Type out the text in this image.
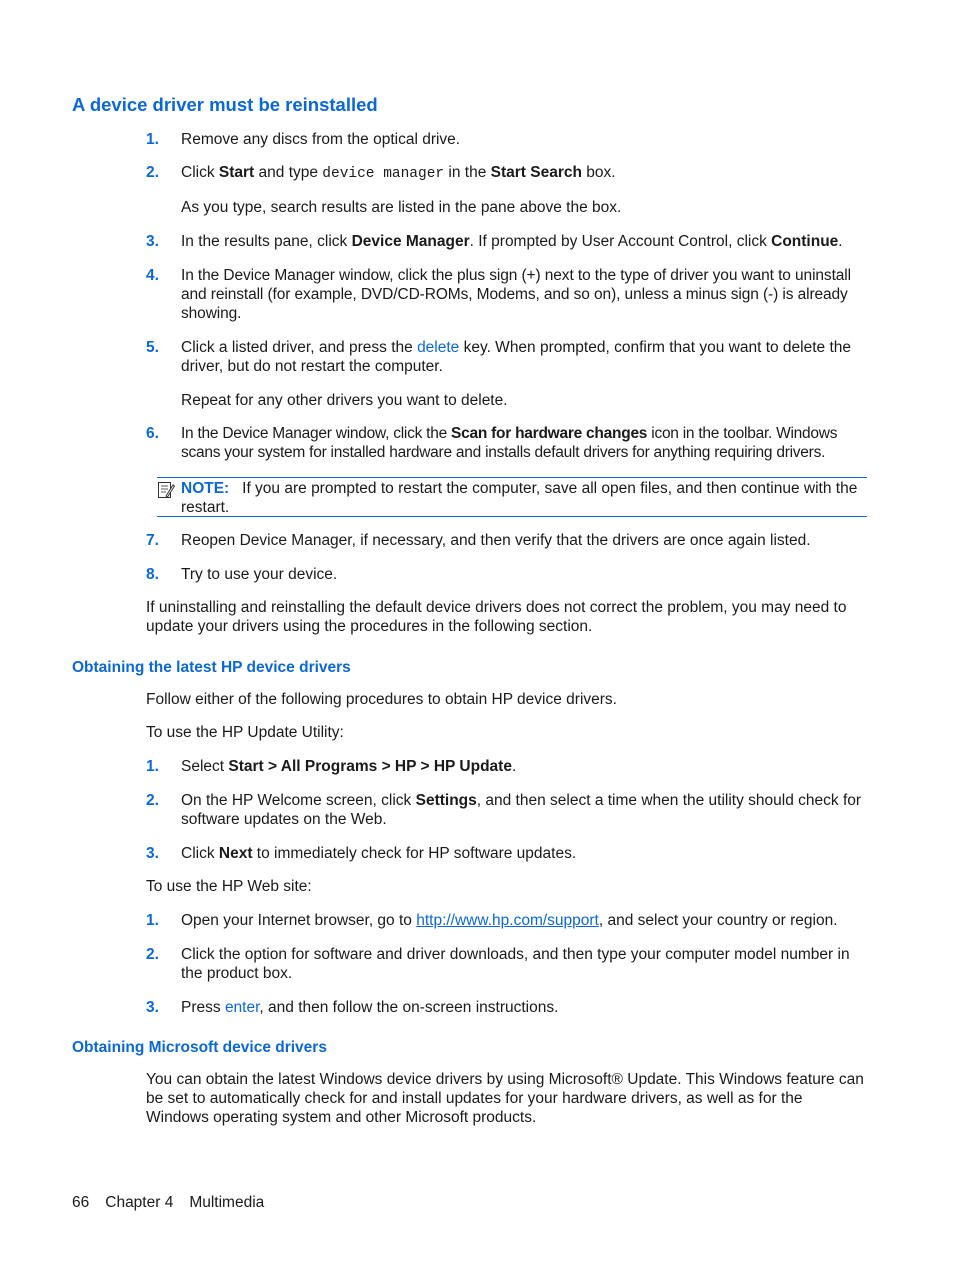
A device driver must be reinstalled
1. Remove any discs from the optical drive.
2. Click Start and type device manager in the Start Search box.
As you type, search results are listed in the pane above the box.
3. In the results pane, click Device Manager. If prompted by User Account Control, click Continue.
4. In the Device Manager window, click the plus sign (+) next to the type of driver you want to uninstall and reinstall (for example, DVD/CD-ROMs, Modems, and so on), unless a minus sign (-) is already showing.
5. Click a listed driver, and press the delete key. When prompted, confirm that you want to delete the driver, but do not restart the computer.
Repeat for any other drivers you want to delete.
6. In the Device Manager window, click the Scan for hardware changes icon in the toolbar. Windows scans your system for installed hardware and installs default drivers for anything requiring drivers.
NOTE: If you are prompted to restart the computer, save all open files, and then continue with the restart.
7. Reopen Device Manager, if necessary, and then verify that the drivers are once again listed.
8. Try to use your device.
If uninstalling and reinstalling the default device drivers does not correct the problem, you may need to update your drivers using the procedures in the following section.
Obtaining the latest HP device drivers
Follow either of the following procedures to obtain HP device drivers.
To use the HP Update Utility:
1. Select Start > All Programs > HP > HP Update.
2. On the HP Welcome screen, click Settings, and then select a time when the utility should check for software updates on the Web.
3. Click Next to immediately check for HP software updates.
To use the HP Web site:
1. Open your Internet browser, go to http://www.hp.com/support, and select your country or region.
2. Click the option for software and driver downloads, and then type your computer model number in the product box.
3. Press enter, and then follow the on-screen instructions.
Obtaining Microsoft device drivers
You can obtain the latest Windows device drivers by using Microsoft® Update. This Windows feature can be set to automatically check for and install updates for your hardware drivers, as well as for the Windows operating system and other Microsoft products.
66 Chapter 4 Multimedia
